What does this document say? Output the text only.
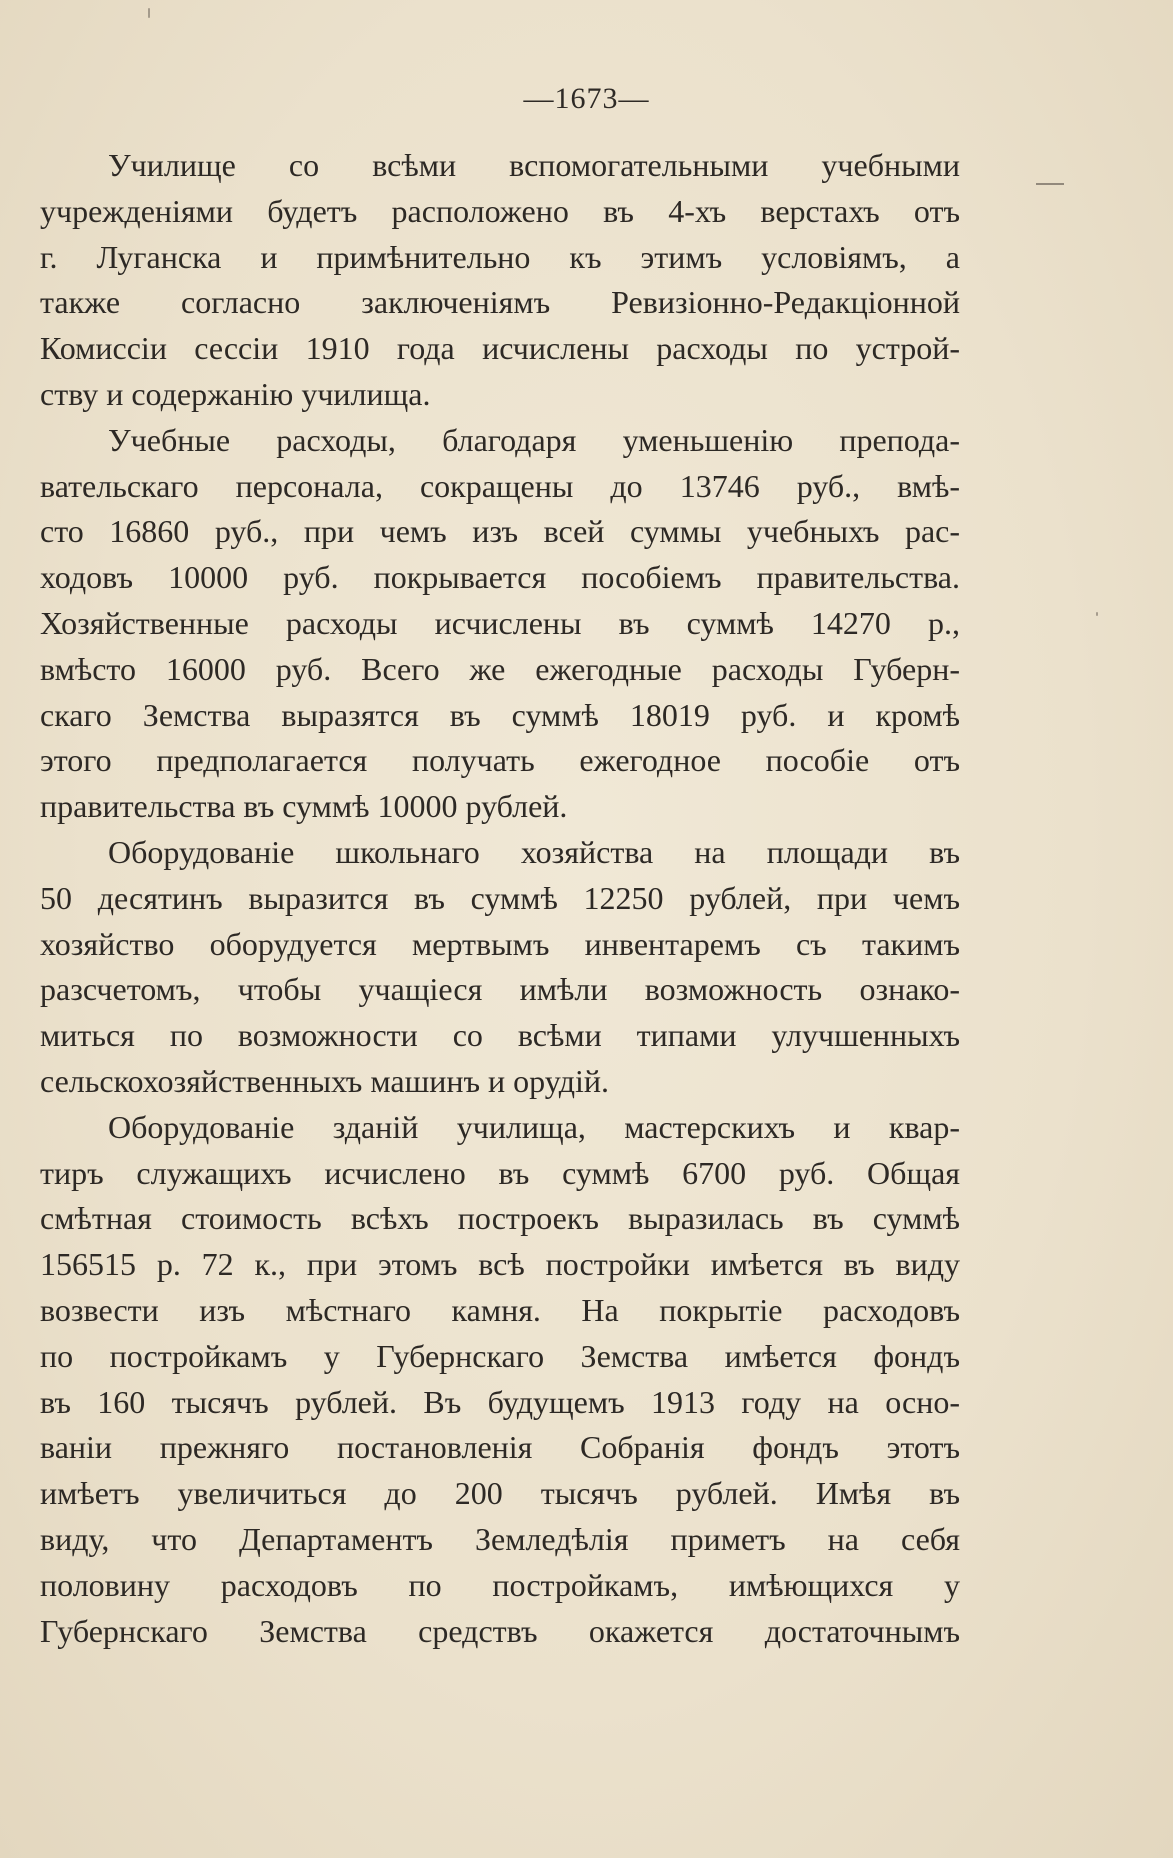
—1673—
Училище со всѣми вспомогательными учебными
учрежденіями будетъ расположено въ 4-хъ верстахъ отъ
г. Луганска и примѣнительно къ этимъ условіямъ, а
также согласно заключеніямъ Ревизіонно-Редакціонной
Комиссіи сессіи 1910 года исчислены расходы по устрой-
ству и содержанію училища.
Учебные расходы, благодаря уменьшенію препода-
вательскаго персонала, сокращены до 13746 руб., вмѣ-
сто 16860 руб., при чемъ изъ всей суммы учебныхъ рас-
ходовъ 10000 руб. покрывается пособіемъ правительства.
Хозяйственные расходы исчислены въ суммѣ 14270 р.,
вмѣсто 16000 руб. Всего же ежегодные расходы Губерн-
скаго Земства выразятся въ суммѣ 18019 руб. и кромѣ
этого предполагается получать ежегодное пособіе отъ
правительства въ суммѣ 10000 рублей.
Оборудованіе школьнаго хозяйства на площади въ
50 десятинъ выразится въ суммѣ 12250 рублей, при чемъ
хозяйство оборудуется мертвымъ инвентаремъ съ такимъ
разсчетомъ, чтобы учащіеся имѣли возможность ознако-
миться по возможности со всѣми типами улучшенныхъ
сельскохозяйственныхъ машинъ и орудій.
Оборудованіе зданій училища, мастерскихъ и квар-
тиръ служащихъ исчислено въ суммѣ 6700 руб. Общая
смѣтная стоимость всѣхъ построекъ выразилась въ суммѣ
156515 р. 72 к., при этомъ всѣ постройки имѣется въ виду
возвести изъ мѣстнаго камня. На покрытіе расходовъ
по постройкамъ у Губернскаго Земства имѣется фондъ
въ 160 тысячъ рублей. Въ будущемъ 1913 году на осно-
ваніи прежняго постановленія Собранія фондъ этотъ
имѣетъ увеличиться до 200 тысячъ рублей. Имѣя въ
виду, что Департаментъ Земледѣлія приметъ на себя
половину расходовъ по постройкамъ, имѣющихся у
Губернскаго Земства средствъ окажется достаточнымъ
